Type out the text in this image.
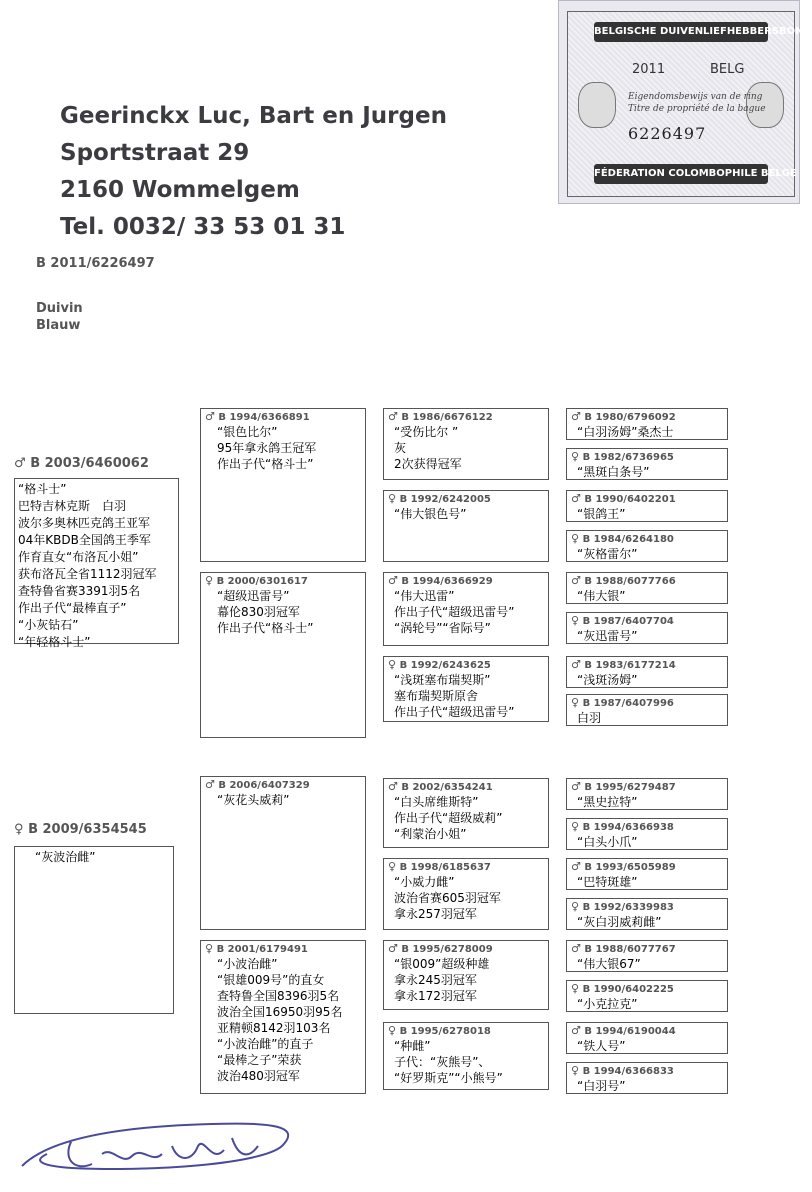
Geerinckx Luc, Bart en Jurgen
Sportstraat 29
2160 Wommelgem
Tel. 0032/ 33 53 01 31
BELGISCHE DUIVENLIEFHEBBERSBOND
2011	BELG
Eigendomsbewijs van de ring
Titre de propriété de la bague
6226497
FÉDERATION COLOMBOPHILE BELGE
B 2011/6226497
Duivin
Blauw
♂ B 2003/6460062
“格斗士”
巴特吉林克斯　白羽
波尔多奥林匹克鸽王亚军
04年KBDB全国鸽王季军
作育直女“布洛瓦小姐”
获布洛瓦全省1112羽冠军
查特鲁省赛3391羽5名
作出子代“最棒直子”
“小灰钻石”
“年轻格斗士”
♀ B 2009/6354545
“灰波治雌”
♂ B 1994/6366891
“银色比尔”
95年拿永鸽王冠军
作出子代“格斗士”
♀ B 2000/6301617
“超级迅雷号”
幕伦830羽冠军
作出子代“格斗士”
♂ B 2006/6407329
“灰花头威莉”
♀ B 2001/6179491
“小波治雌”
“银雄009号”的直女
查特鲁全国8396羽5名
波治全国16950羽95名
亚精顿8142羽103名
“小波治雌”的直子
“最棒之子”荣获
波治480羽冠军
♂ B 1986/6676122
“受伤比尔 ”
灰
2次获得冠军
♀ B 1992/6242005
“伟大银色号”
♂ B 1994/6366929
“伟大迅雷”
作出子代“超级迅雷号”
“涡轮号”“省际号”
♀ B 1992/6243625
“浅斑塞布瑞契斯”
塞布瑞契斯原舍
作出子代“超级迅雷号”
♂ B 2002/6354241
“白头席维斯特”
作出子代“超级威莉”
“利蒙治小姐”
♀ B 1998/6185637
“小威力雌”
波治省赛605羽冠军
拿永257羽冠军
♂ B 1995/6278009
“银009”超级种雄
拿永245羽冠军
拿永172羽冠军
♀ B 1995/6278018
“种雌”
子代：“灰熊号”、
“好罗斯克”“小熊号”
♂ B 1980/6796092
“白羽汤姆”桑杰士
♀ B 1982/6736965
“黑斑白条号”
♂ B 1990/6402201
“银鸽王”
♀ B 1984/6264180
“灰格雷尔”
♂ B 1988/6077766
“伟大银”
♀ B 1987/6407704
“灰迅雷号”
♂ B 1983/6177214
“浅斑汤姆”
♀ B 1987/6407996
白羽
♂ B 1995/6279487
“黑史拉特”
♀ B 1994/6366938
“白头小爪”
♂ B 1993/6505989
“巴特斑雄”
♀ B 1992/6339983
“灰白羽威莉雌”
♂ B 1988/6077767
“伟大银67”
♀ B 1990/6402225
“小克拉克”
♂ B 1994/6190044
“铁人号”
♀ B 1994/6366833
“白羽号”
